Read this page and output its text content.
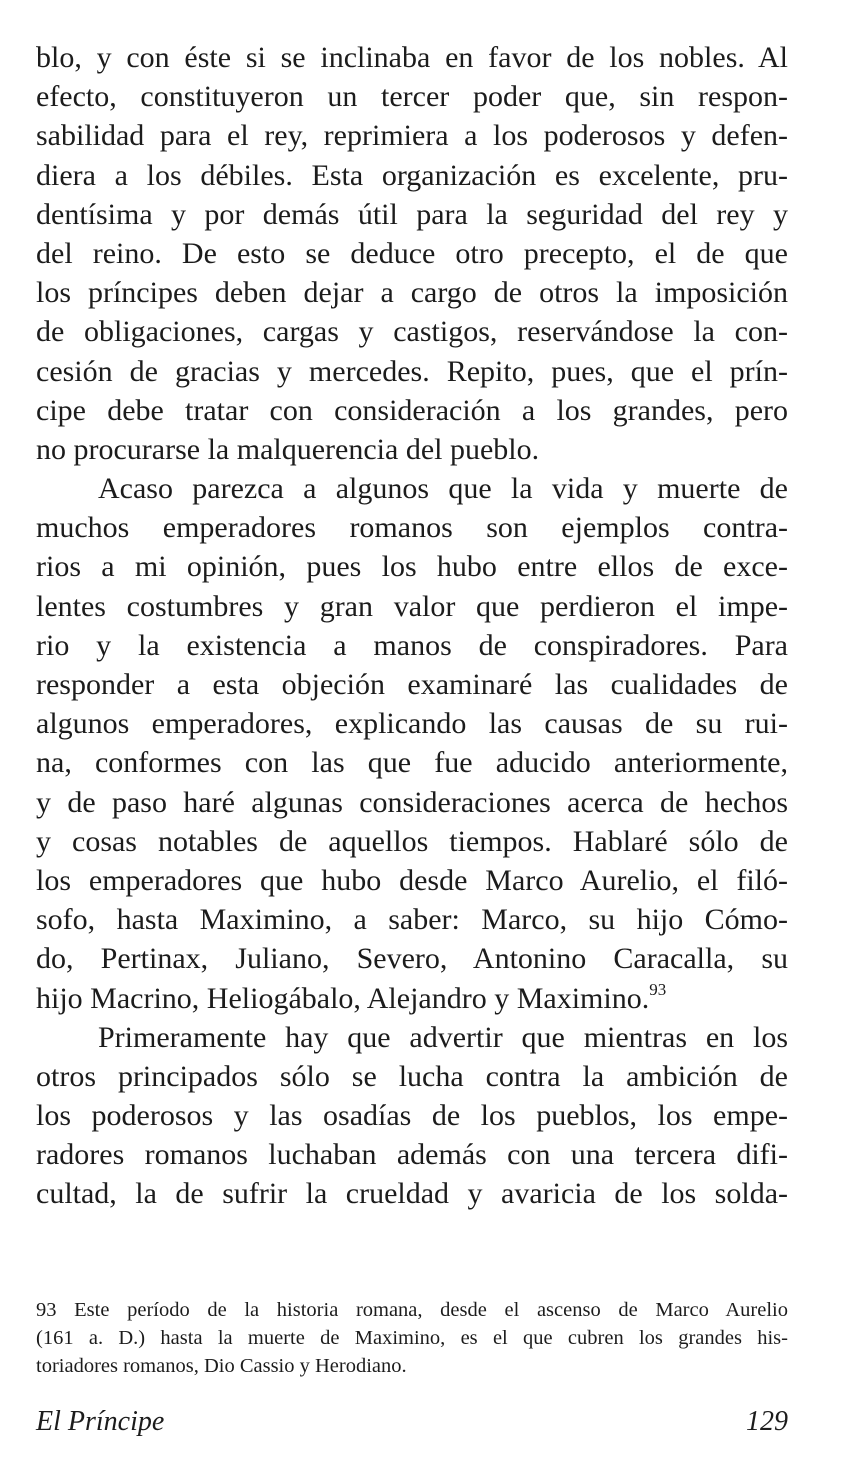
blo, y con éste si se inclinaba en favor de los nobles. Al
efecto, constituyeron un tercer poder que, sin respon-
sabilidad para el rey, reprimiera a los poderosos y defen-
diera a los débiles. Esta organización es excelente, pru-
dentísima y por demás útil para la seguridad del rey y
del reino. De esto se deduce otro precepto, el de que
los príncipes deben dejar a cargo de otros la imposición
de obligaciones, cargas y castigos, reservándose la con-
cesión de gracias y mercedes. Repito, pues, que el prín-
cipe debe tratar con consideración a los grandes, pero
no procurarse la malquerencia del pueblo.
Acaso parezca a algunos que la vida y muerte de
muchos emperadores romanos son ejemplos contra-
rios a mi opinión, pues los hubo entre ellos de exce-
lentes costumbres y gran valor que perdieron el impe-
rio y la existencia a manos de conspiradores. Para
responder a esta objeción examinaré las cualidades de
algunos emperadores, explicando las causas de su rui-
na, conformes con las que fue aducido anteriormente,
y de paso haré algunas consideraciones acerca de hechos
y cosas notables de aquellos tiempos. Hablaré sólo de
los emperadores que hubo desde Marco Aurelio, el filó-
sofo, hasta Maximino, a saber: Marco, su hijo Cómo-
do, Pertinax, Juliano, Severo, Antonino Caracalla, su
hijo Macrino, Heliogábalo, Alejandro y Maximino.$^{93}$
Primeramente hay que advertir que mientras en los
otros principados sólo se lucha contra la ambición de
los poderosos y las osadías de los pueblos, los empe-
radores romanos luchaban además con una tercera difi-
cultad, la de sufrir la crueldad y avaricia de los solda-
93 Este período de la historia romana, desde el ascenso de Marco Aurelio
(161 a. D.) hasta la muerte de Maximino, es el que cubren los grandes his-
toriadores romanos, Dio Cassio y Herodiano.
El Príncipe	129
